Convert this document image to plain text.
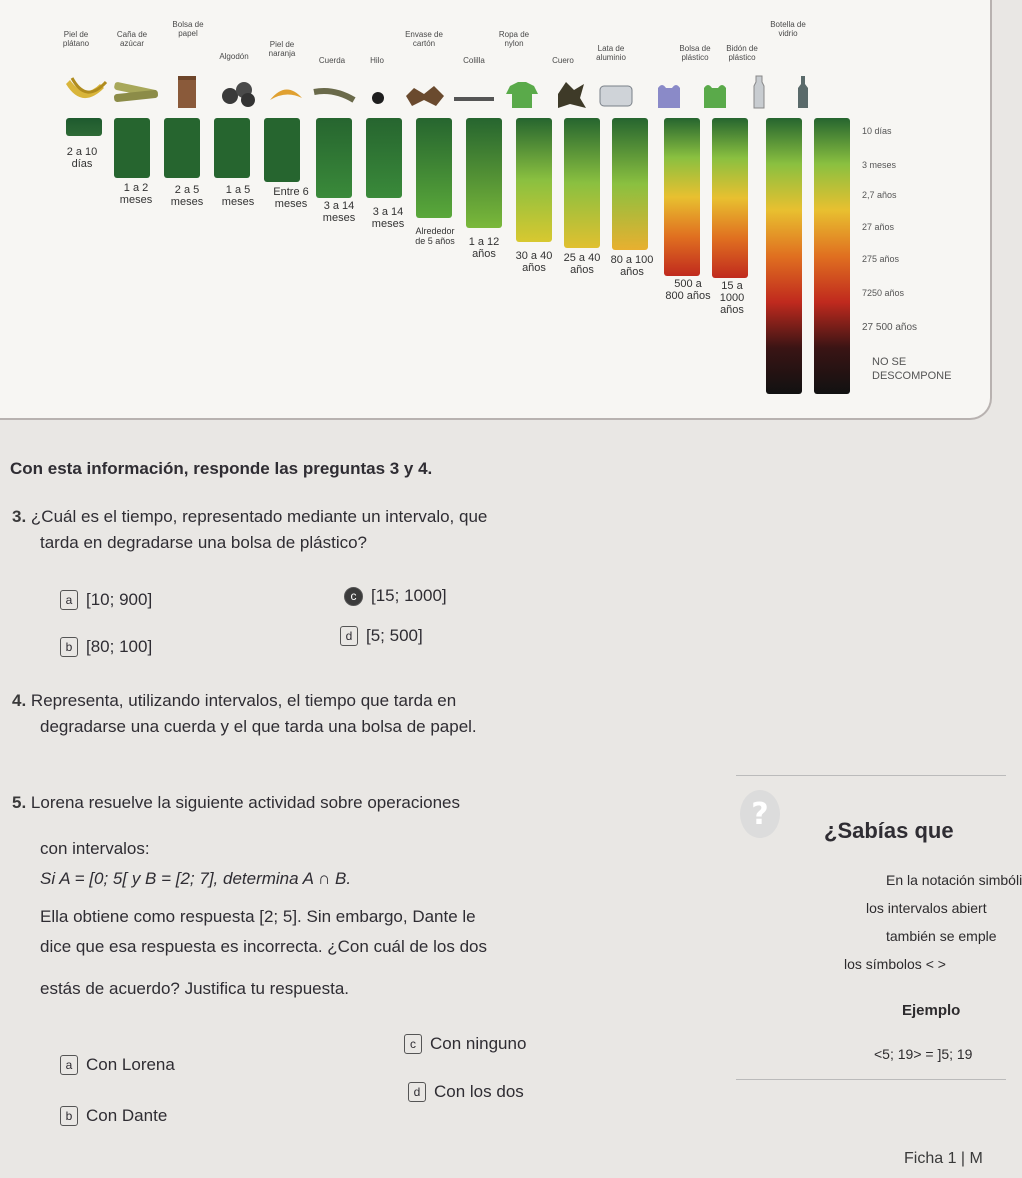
Piel de plátano
Caña de azúcar
Bolsa de papel
Algodón
Piel de naranja
Cuerda	Hilo
Envase de cartón
Colilla
Ropa de nylon
Cuero
Lata de aluminio
Bolsa de plástico
Bidón de plástico
Botella de vidrio
2 a 10 días
1 a 2 meses
2 a 5 meses
1 a 5 meses
Entre 6 meses	3 a 14 meses	3 a 14 meses
Alrededor de 5 años	1 a 12 años	30 a 40 años
25 a 40 años
80 a 100 años
500 a 800 años
15 a 1000 años
10 días
3 meses
2,7 años
27 años
275 años
7250 años
27 500 años
NO SE
DESCOMPONE
Con esta información, responde las preguntas 3 y 4.
3. ¿Cuál es el tiempo, representado mediante un intervalo, que
tarda en degradarse una bolsa de plástico?
a [10; 900]
b [80; 100]
c [15; 1000]
d [5; 500]
4. Representa, utilizando intervalos, el tiempo que tarda en
degradarse una cuerda y el que tarda una bolsa de papel.
5. Lorena resuelve la siguiente actividad sobre operaciones
con intervalos:
Si A = [0; 5[ y B = [2; 7], determina A ∩ B.
Ella obtiene como respuesta [2; 5]. Sin embargo, Dante le
dice que esa respuesta es incorrecta. ¿Con cuál de los dos
estás de acuerdo? Justifica tu respuesta.
a Con Lorena
b Con Dante
c Con ninguno
d Con los dos
?	¿Sabías que
En la notación simbóli
los intervalos abiert
también se emple
los símbolos < >
Ejemplo
<5; 19> = ]5; 19
Ficha 1 | M
